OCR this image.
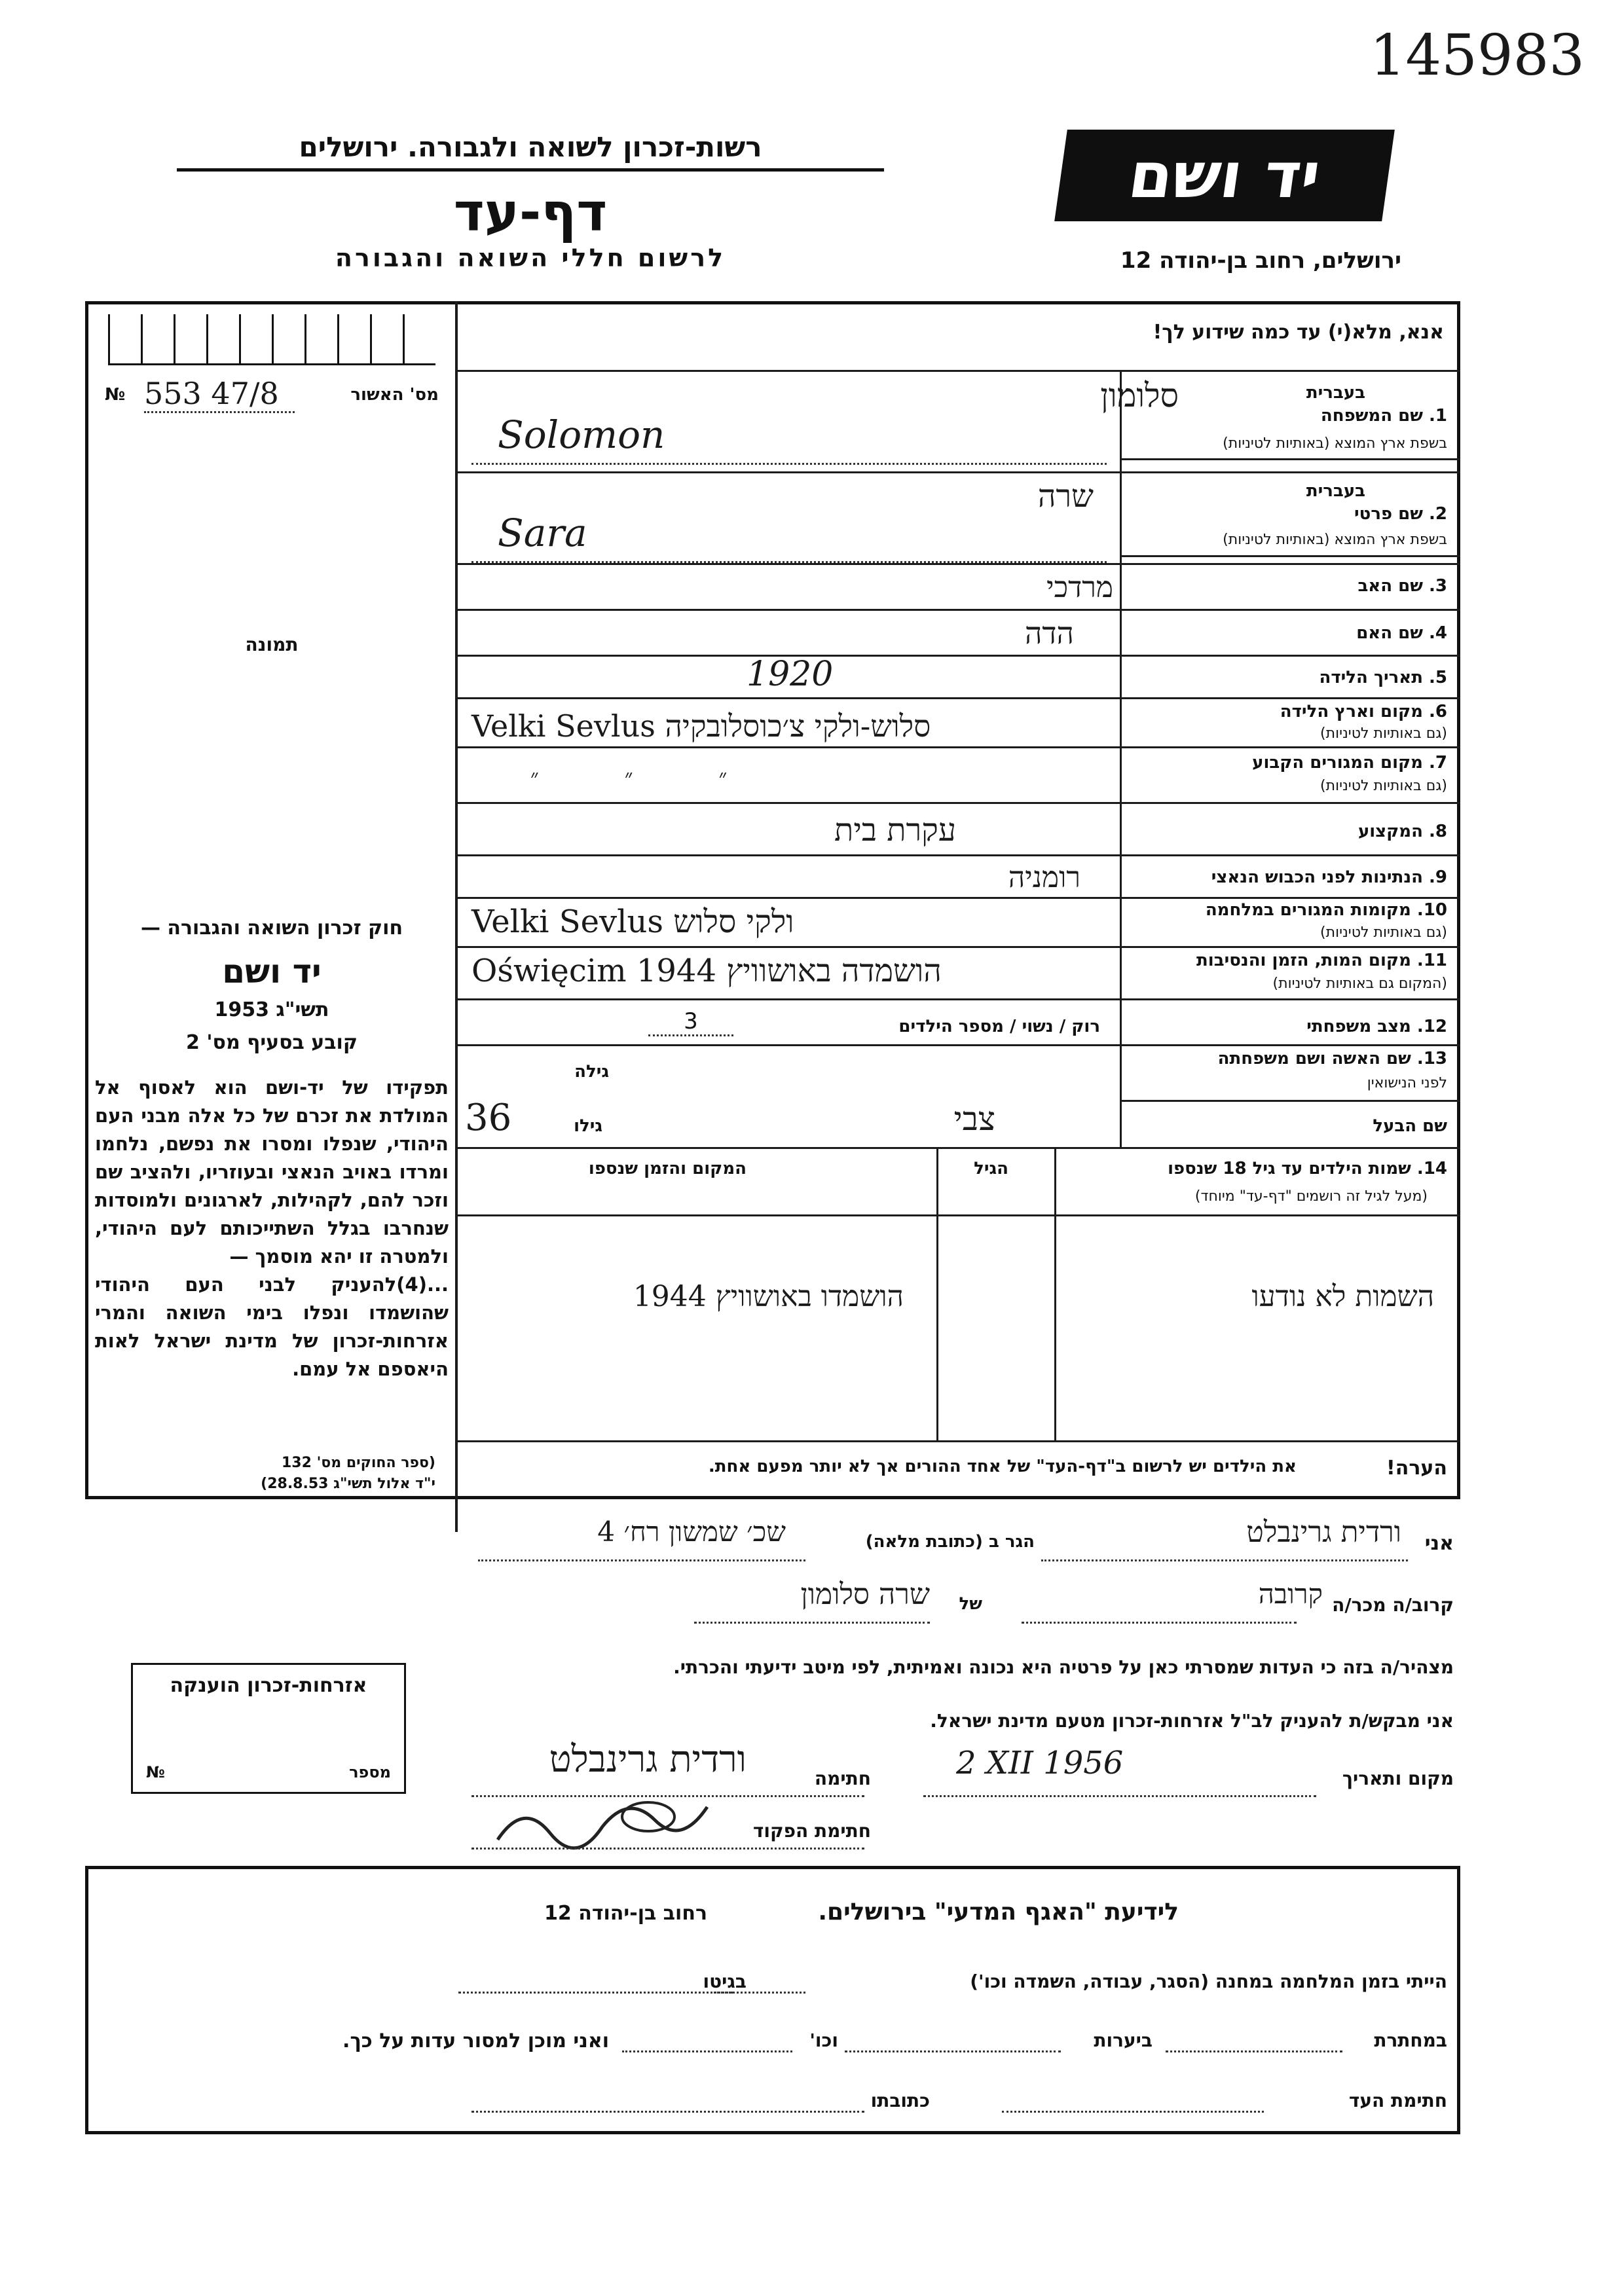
145983
רשות-זכרון לשואה ולגבורה. ירושלים
דף-עד
לרשום חללי השואה והגבורה
יד ושם
ירושלים, רחוב בן-יהודה 12
№ 553 47/8	מס' האשור
תמונה
חוק זכרון השואה והגבורה —
יד ושם
תשי"ג 1953
קובע בסעיף מס' 2
תפקידו של יד-ושם הוא לאסוף אל המולדת את זכרם של כל אלה מבני העם היהודי, שנפלו ומסרו את נפשם, נלחמו ומרדו באויב הנאצי ובעוזריו, ולהציב שם וזכר להם, לקהילות, לארגונים ולמוסדות שנחרבו בגלל השתייכותם לעם היהודי, ולמטרה זו יהא מוסמך —
...(4)להעניק לבני העם היהודי שהושמדו ונפלו בימי השואה והמרי אזרחות-זכרון של מדינת ישראל לאות היאספם אל עמם.
(ספר החוקים מס' 132
י"ד אלול תשי"ג 28.8.53)
אנא, מלא(י) עד כמה שידוע לך!
בעברית
1. שם המשפחה
בשפת ארץ המוצא (באותיות לטיניות)
סלומון
Solomon
בעברית
2. שם פרטי
בשפת ארץ המוצא (באותיות לטיניות)
שרה
Sara
3. שם האב
מרדכי
4. שם האם
הדה
5. תאריך הלידה
1920
6. מקום וארץ הלידה
(גם באותיות לטיניות)
Velki Sevlus סלוש-ולקי צ׳כוסלובקיה
7. מקום המגורים הקבוע
(גם באותיות לטיניות)
״ ״ ״
8. המקצוע
עקרת בית
9. הנתינות לפני הכבוש הנאצי
רומניה
10. מקומות המגורים במלחמה
(גם באותיות לטיניות)
Velki Sevlus ולקי סלוש
11. מקום המות, הזמן והנסיבות
(המקום גם באותיות לטיניות)
Oświęcim 1944 הושמדה באושוויץ
12. מצב משפחתי
רוק / נשוי / מספר הילדים
3
13. שם האשה ושם משפחתה
לפני הנישואין
גילה
שם הבעל
צבי
גילו
36
14. שמות הילדים עד גיל 18 שנספו
(מעל לגיל זה רושמים "דף-עד" מיוחד)
הגיל
המקום והזמן שנספו
השמות לא נודעו
הושמדו באושוויץ 1944
הערה!
את הילדים יש לרשום ב"דף-העד" של אחד ההורים אך לא יותר מפעם אחת.
אני
ורדית גרינבלט
הגר ב (כתובת מלאה)
שכ׳ שמשון רח׳ 4
קרוב/ה מכר/ה
קרובה
של
שרה סלומון
מצהיר/ה בזה כי העדות שמסרתי כאן על פרטיה היא נכונה ואמיתית, לפי מיטב ידיעתי והכרתי.
אני מבקש/ת להעניק לב"ל אזרחות-זכרון מטעם מדינת ישראל.
מקום ותאריך
2 XII 1956
חתימה
ורדית גרינבלט
חתימת הפקוד
אזרחות-זכרון הוענקה
№	מספר
לידיעת "האגף המדעי" בירושלים.
רחוב בן-יהודה 12
הייתי בזמן המלחמה במחנה (הסגר, עבודה, השמדה וכו')
בגיטו
במחתרת
ביערות
וכו'
ואני מוכן למסור עדות על כך.
חתימת העד
כתובתו
